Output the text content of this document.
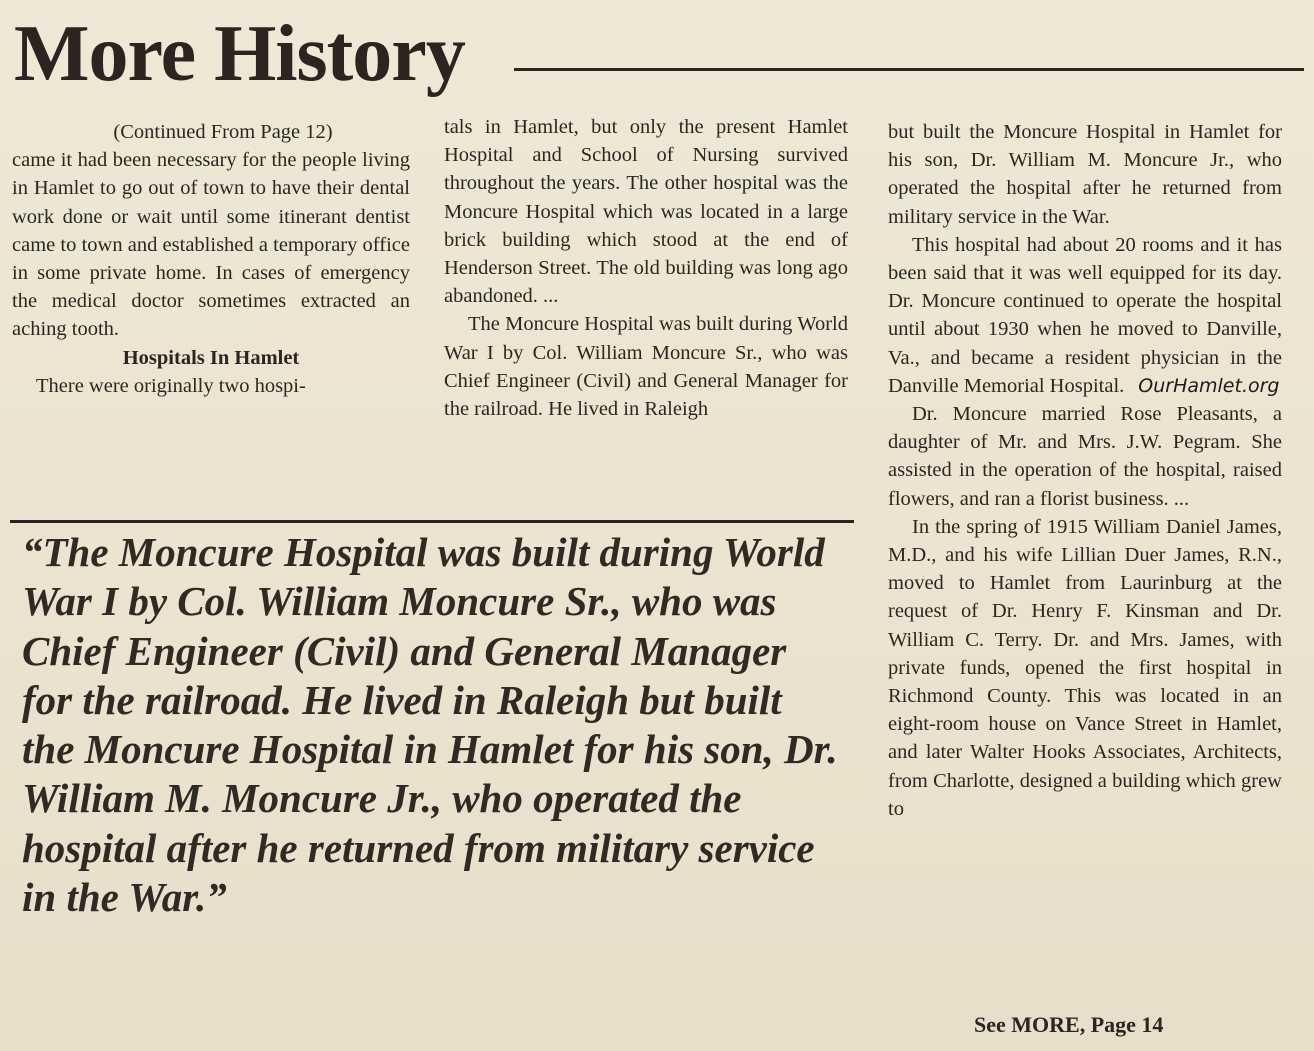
More History

(Continued From Page 12)

came it had been necessary for the people living in Hamlet to go out of town to have their dental work done or wait until some itinerant dentist came to town and established a temporary office in some private home. In cases of emergency the medical doctor sometimes extracted an aching tooth.

Hospitals In Hamlet

There were originally two hospi-

tals in Hamlet, but only the present Hamlet Hospital and School of Nursing survived throughout the years. The other hospital was the Moncure Hospital which was located in a large brick building which stood at the end of Henderson Street. The old building was long ago abandoned. ...

The Moncure Hospital was built during World War I by Col. William Moncure Sr., who was Chief Engineer (Civil) and General Manager for the railroad. He lived in Raleigh

but built the Moncure Hospital in Hamlet for his son, Dr. William M. Moncure Jr., who operated the hospital after he returned from military service in the War.

This hospital had about 20 rooms and it has been said that it was well equipped for its day. Dr. Moncure continued to operate the hospital until about 1930 when he moved to Danville, Va., and became a resident physician in the Danville Memorial Hospital. OurHamlet.org

Dr. Moncure married Rose Pleasants, a daughter of Mr. and Mrs. J.W. Pegram. She assisted in the operation of the hospital, raised flowers, and ran a florist business. ...

In the spring of 1915 William Daniel James, M.D., and his wife Lillian Duer James, R.N., moved to Hamlet from Laurinburg at the request of Dr. Henry F. Kinsman and Dr. William C. Terry. Dr. and Mrs. James, with private funds, opened the first hospital in Richmond County. This was located in an eight-room house on Vance Street in Hamlet, and later Walter Hooks Associates, Architects, from Charlotte, designed a building which grew to

“The Moncure Hospital was built during World War I by Col. William Moncure Sr., who was Chief Engineer (Civil) and General Manager for the railroad. He lived in Raleigh but built the Moncure Hospital in Hamlet for his son, Dr. William M. Moncure Jr., who operated the hospital after he returned from military service in the War.”

See MORE, Page 14
